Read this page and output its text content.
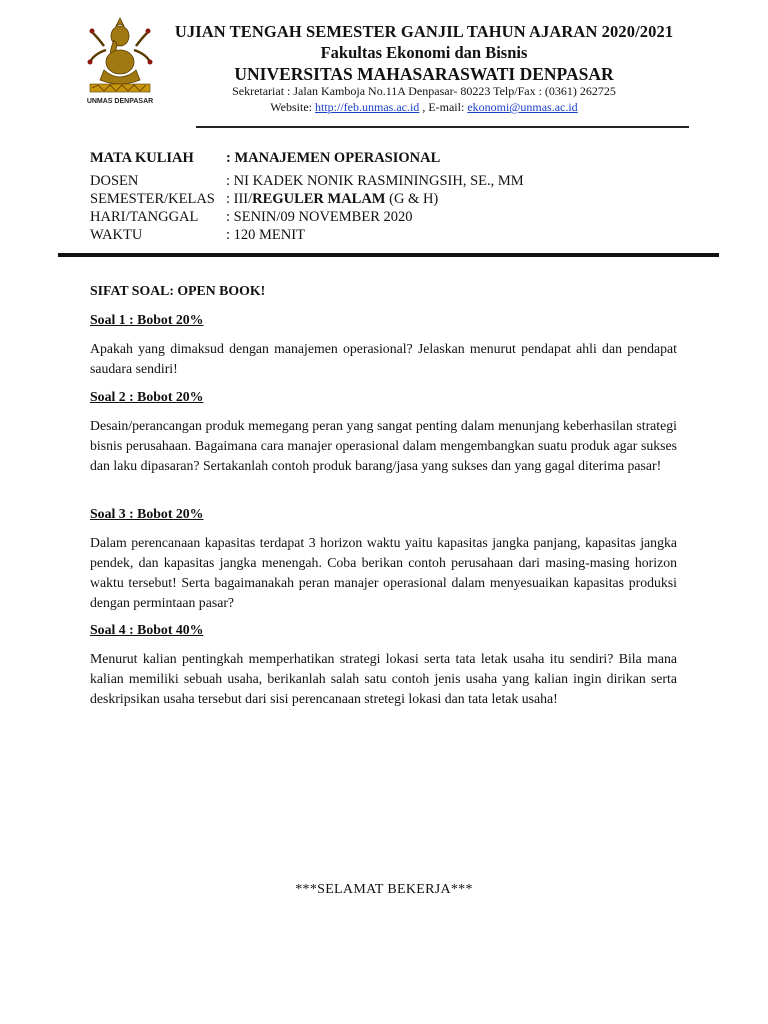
UNMAS DENPASAR
UJIAN TENGAH SEMESTER GANJIL TAHUN AJARAN 2020/2021
Fakultas Ekonomi dan Bisnis
UNIVERSITAS MAHASARASWATI DENPASAR
Sekretariat : Jalan Kamboja No.11A Denpasar- 80223 Telp/Fax : (0361) 262725
Website: http://feb.unmas.ac.id , E-mail: ekonomi@unmas.ac.id
MATA KULIAH : MANAJEMEN OPERASIONAL
DOSEN	: NI KADEK NONIK RASMININGSIH, SE., MM
SEMESTER/KELAS : III/REGULER MALAM (G & H)
HARI/TANGGAL : SENIN/09 NOVEMBER 2020
WAKTU	: 120 MENIT
SIFAT SOAL: OPEN BOOK!
Soal 1 : Bobot 20%
Apakah yang dimaksud dengan manajemen operasional? Jelaskan menurut pendapat ahli dan pendapat saudara sendiri!
Soal 2 : Bobot 20%
Desain/perancangan produk memegang peran yang sangat penting dalam menunjang keberhasilan strategi bisnis perusahaan. Bagaimana cara manajer operasional dalam mengembangkan suatu produk agar sukses dan laku dipasaran? Sertakanlah contoh produk barang/jasa yang sukses dan yang gagal diterima pasar!
Soal 3 : Bobot 20%
Dalam perencanaan kapasitas terdapat 3 horizon waktu yaitu kapasitas jangka panjang, kapasitas jangka pendek, dan kapasitas jangka menengah. Coba berikan contoh perusahaan dari masing-masing horizon waktu tersebut! Serta bagaimanakah peran manajer operasional dalam menyesuaikan kapasitas produksi dengan permintaan pasar?
Soal 4 : Bobot 40%
Menurut kalian pentingkah memperhatikan strategi lokasi serta tata letak usaha itu sendiri? Bila mana kalian memiliki sebuah usaha, berikanlah salah satu contoh jenis usaha yang kalian ingin dirikan serta deskripsikan usaha tersebut dari sisi perencanaan stretegi lokasi dan tata letak usaha!
***SELAMAT BEKERJA***
